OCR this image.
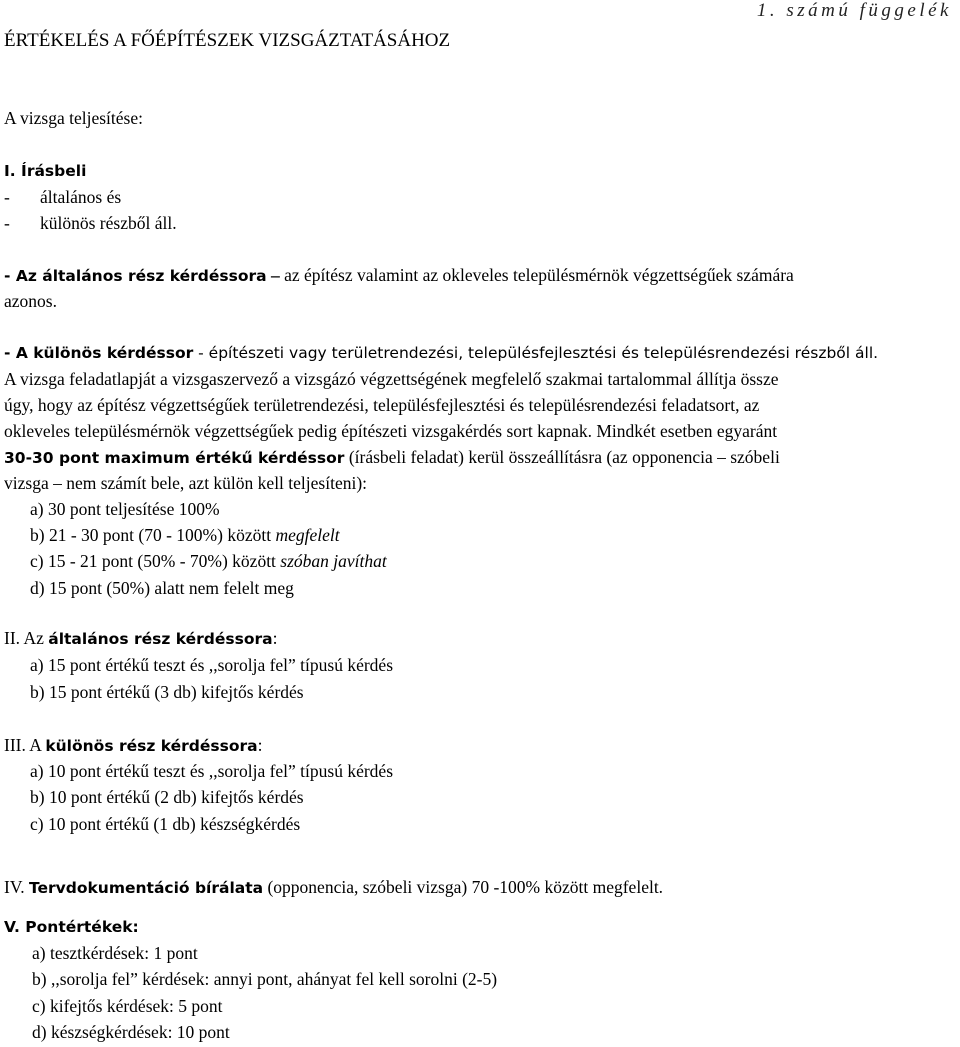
1. számú függelék
ÉRTÉKELÉS A FŐÉPÍTÉSZEK VIZSGÁZTATÁSÁHOZ
A vizsga teljesítése:
I. Írásbeli
- általános és
- különös részből áll.
- Az általános rész kérdéssora – az építész valamint az okleveles településmérnök végzettségűek számára
azonos.
- A különös kérdéssor - építészeti vagy területrendezési, településfejlesztési és településrendezési részből áll.
A vizsga feladatlapját a vizsgaszervező a vizsgázó végzettségének megfelelő szakmai tartalommal állítja össze
úgy, hogy az építész végzettségűek területrendezési, településfejlesztési és településrendezési feladatsort, az
okleveles településmérnök végzettségűek pedig építészeti vizsgakérdés sort kapnak. Mindkét esetben egyaránt
30-30 pont maximum értékű kérdéssor (írásbeli feladat) kerül összeállításra (az opponencia – szóbeli
vizsga – nem számít bele, azt külön kell teljesíteni):
a) 30 pont teljesítése 100%
b) 21 - 30 pont (70 - 100%) között megfelelt
c) 15 - 21 pont (50% - 70%) között szóban javíthat
d) 15 pont (50%) alatt nem felelt meg
II. Az általános rész kérdéssora:
a) 15 pont értékű teszt és ,,sorolja fel” típusú kérdés
b) 15 pont értékű (3 db) kifejtős kérdés
III. A különös rész kérdéssora:
a) 10 pont értékű teszt és ,,sorolja fel” típusú kérdés
b) 10 pont értékű (2 db) kifejtős kérdés
c) 10 pont értékű (1 db) készségkérdés
IV. Tervdokumentáció bírálata (opponencia, szóbeli vizsga) 70 -100% között megfelelt.
V. Pontértékek:
a) tesztkérdések: 1 pont
b) ,,sorolja fel” kérdések: annyi pont, ahányat fel kell sorolni (2-5)
c) kifejtős kérdések: 5 pont
d) készségkérdések: 10 pont
